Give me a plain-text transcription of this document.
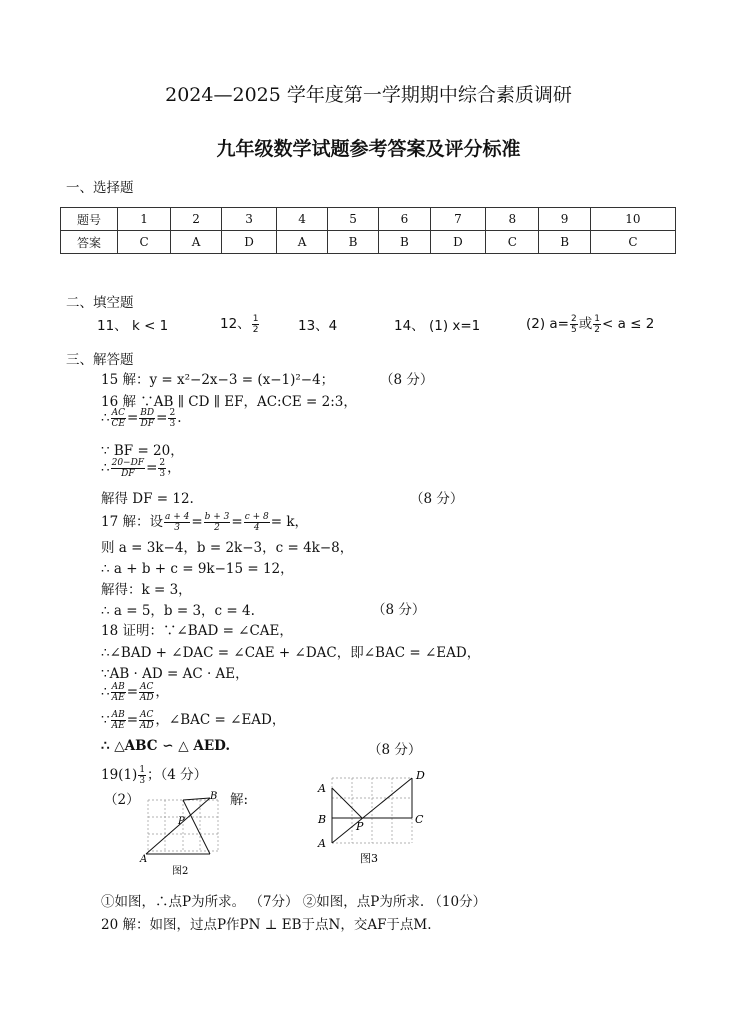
2024—2025 学年度第一学期期中综合素质调研
九年级数学试题参考答案及评分标准
一、选择题
题号	1	2	3	4	5	6	7	8	9	10
答案	C	A	D	A	B	B	D	C	B	C
二、填空题
11、 k < 1	12、 $\frac{1}{2}$	13、4	14、 (1) x=1	(2) $a= \frac{2}{5}$ 或 $\frac{1}{2} < a \le 2$
三、解答题
15 解：y = x²−2x−3 = (x−1)²−4；	（8 分）
16 解 ∵AB ∥ CD ∥ EF，AC:CE = 2:3，
∴ $\frac{AC}{CE} = \frac{BD}{DF} = \frac{2}{3}$ .
∵ BF = 20，
∴ $\frac{20-DF}{DF} = \frac{2}{3}$ ，
解得 DF = 12.	（8 分）
17 解：设 $\frac{a + 4}{3} = \frac{b + 3}{2} = \frac{c + 8}{4} = k$，
则 a = 3k−4，b = 2k−3，c = 4k−8，
∴ a + b + c = 9k−15 = 12，
解得：k = 3，
∴ a = 5，b = 3，c = 4.	（8 分）
18 证明：∵∠BAD = ∠CAE，
∴∠BAD + ∠DAC = ∠CAE + ∠DAC，即∠BAC = ∠EAD，
∵AB · AD = AC · AE，
∴ $\frac{AB}{AE} = \frac{AC}{AD}$ ，
∵ $\frac{AB}{AE} = \frac{AC}{AD}$ ，∠BAC = ∠EAD，
∴ △ABC ∽ △ AED.	（8 分）
$19(1) \frac{1}{3}$ ；（4 分）
（2）	解:
A
B
P
图2
A
B
A
D
C
P
图3
①如图，∴点P为所求。 （7分） ②如图，点P为所求. （10分）
20 解：如图，过点P作PN ⊥ EB于点N，交AF于点M.
